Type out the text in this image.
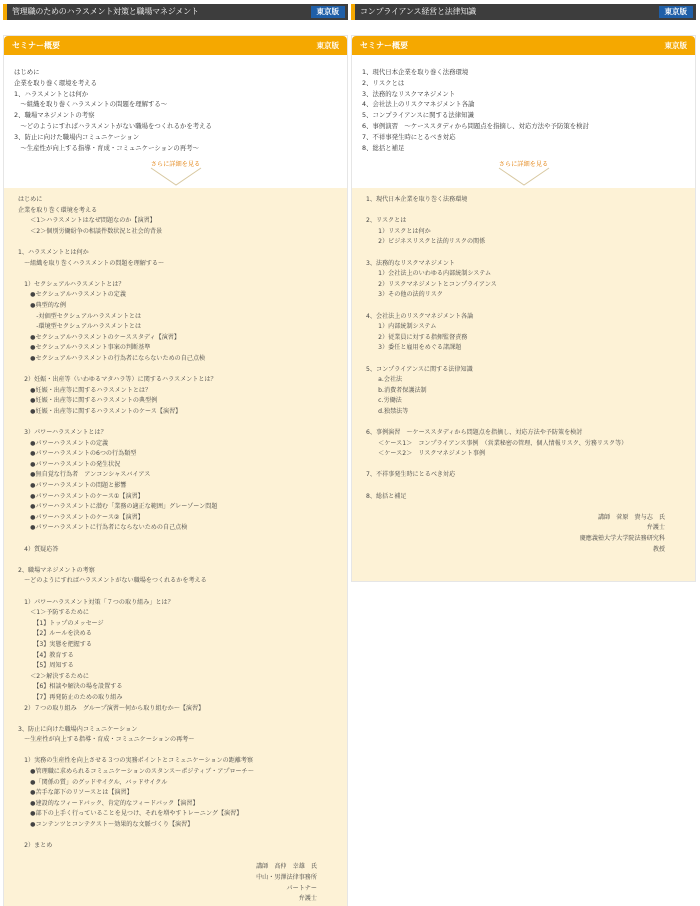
管理職のためのハラスメント対策と職場マネジメント	東京版
セミナー概要	東京版
はじめに
企業を取り巻く環境を考える
1、ハラスメントとは何か
　～組織を取り巻くハラスメントの問題を理解する～
2、職場マネジメントの考察
　～どのようにすればハラスメントがない職場をつくれるかを考える
3、防止に向けた職場内コミュニケーション
　～生産性が向上する指導・育成・コミュニケーションの再考～
さらに詳細を見る
はじめに
企業を取り巻く環境を考える
　　＜1＞ハラスメントはなぜ問題なのか【演習】
　　＜2＞個別労働紛争の相談件数状況と社会的背景
1、ハラスメントとは何か
　～組織を取り巻くハラスメントの問題を理解する～
　1）セクシュアルハラスメントとは？
　　●セクシュアルハラスメントの定義
　　●典型的な例
　　　-対価型セクシュアルハラスメントとは
　　　-環境型セクシュアルハラスメントとは
　　●セクシュアルハラスメントのケーススタディ【演習】
　　●セクシュアルハラスメント事案の判断基準
　　●セクシュアルハラスメントの行為者にならないための自己点検
　2）妊娠・出産等（いわゆるマタハラ等）に関するハラスメントとは？
　　●妊娠・出産等に関するハラスメントとは？
　　●妊娠・出産等に関するハラスメントの典型例
　　●妊娠・出産等に関するハラスメントのケース【演習】
　3）パワーハラスメントとは？
　　●パワーハラスメントの定義
　　●パワーハラスメントの6つの行為類型
　　●パワーハラスメントの発生状況
　　●無自覚な行為者　アンコンシャスバイアス
　　●パワーハラスメントの問題と影響
　　●パワーハラスメントのケース①【演習】
　　●パワーハラスメントに潜む「業務の適正な範囲」グレーゾーン問題
　　●パワーハラスメントのケース②【演習】
　　●パワーハラスメントに行為者にならないための自己点検
　4）質疑応答
2、職場マネジメントの考察
　～どのようにすればハラスメントがない職場をつくれるかを考える
　1）パワーハラスメント対策「７つの取り組み」とは？
　　＜1＞予防するために
　　　【1】トップのメッセージ
　　　【2】ルールを決める
　　　【3】実態を把握する
　　　【4】教育する
　　　【5】周知する
　　＜2＞解決するために
　　　【6】相談や解決の場を設置する
　　　【7】再発防止のための取り組み
　2）７つの取り組み　グループ演習～何から取り組むか～【演習】
3、防止に向けた職場内コミュニケーション
　～生産性が向上する指導・育成・コミュニケーションの再考～
　1）実務の生産性を向上させる３つの実務ポイントとコミュニケーションの距離考察
　　●管理職に求められるコミュニケーションのスタンス～ポジティブ・アプローチ～
　　●「関係の質」のグッドサイクル、バッドサイクル
　　●苦手な部下のリソースとは【演習】
　　●建設的なフィードバック、肯定的なフィードバック【演習】
　　●部下の上手く行っていることを見つけ、それを増やすトレーニング【演習】
　　●コンテンツとコンテクスト～効果的な文脈づくり【演習】
　2）まとめ
講師　髙仲　幸雄　氏
中山・男澤法律事務所
パートナー
弁護士
コンプライアンス経営と法律知識	東京版
セミナー概要	東京版
1、現代日本企業を取り巻く法務環境
2、リスクとは
3、法務的なリスクマネジメント
4、会社法上のリスクマネジメント各論
5、コンプライアンスに関する法律知識
6、事例演習　～ケーススタディから問題点を指摘し、対応方法や予防策を検討
7、不祥事発生時にとるべき対応
8、総括と補足
さらに詳細を見る
1、現代日本企業を取り巻く法務環境
2、リスクとは
　　1）リスクとは何か
　　2）ビジネスリスクと法的リスクの関係
3、法務的なリスクマネジメント
　　1）会社法上のいわゆる内部統制システム
　　2）リスクマネジメントとコンプライアンス
　　3）その他の法的リスク
4、会社法上のリスクマネジメント各論
　　1）内部統制システム
　　2）従業員に対する指揮監督責務
　　3）委任と雇用をめぐる諸課題
5、コンプライアンスに関する法律知識
　　a.会社法
　　b.消費者保護法制
　　c.労働法
　　d.独禁法等
6、事例演習　～ケーススタディから問題点を指摘し、対応方法や予防策を検討
　　＜ケース1＞　コンプライアンス事例　（営業秘密の管理、個人情報リスク、労務リスク等）
　　＜ケース2＞　リスクマネジメント事例
7、不祥事発生時にとるべき対応
8、総括と補足
講師　菅原　貴与志　氏
弁護士
慶應義塾大学大学院法務研究科
教授
